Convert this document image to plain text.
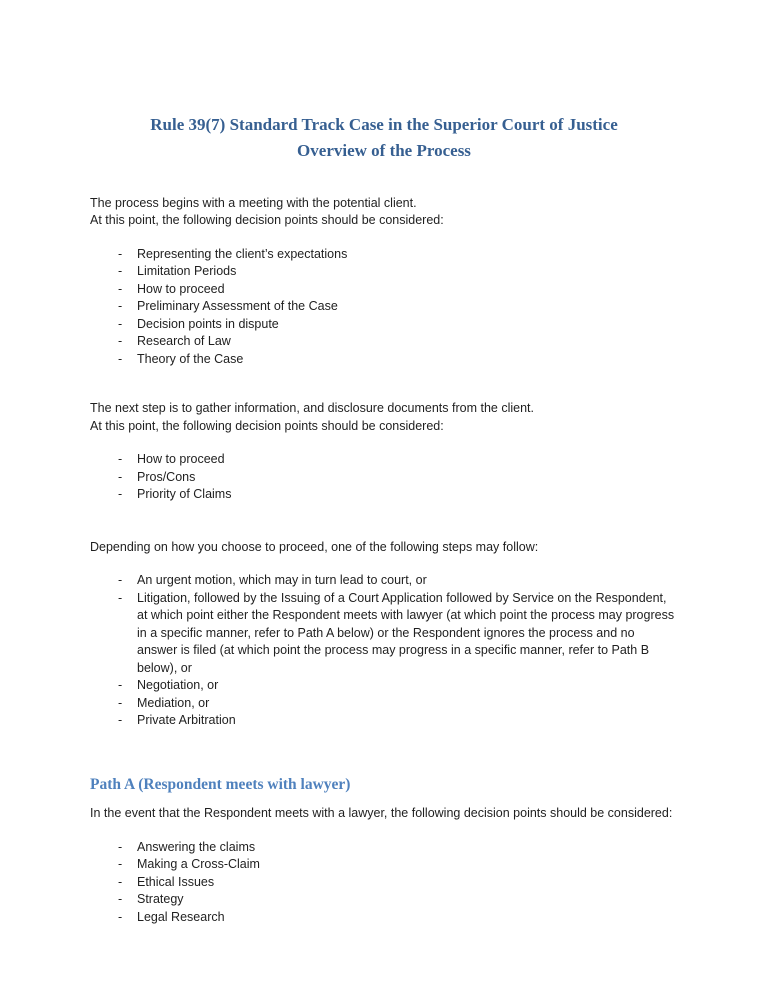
Rule 39(7) Standard Track Case in the Superior Court of Justice
Overview of the Process

The process begins with a meeting with the potential client.

At this point, the following decision points should be considered:

-	Representing the client’s expectations
-	Limitation Periods
-	How to proceed
-	Preliminary Assessment of the Case
-	Decision points in dispute
-	Research of Law
-	Theory of the Case

The next step is to gather information, and disclosure documents from the client.

At this point, the following decision points should be considered:

-	How to proceed
-	Pros/Cons
-	Priority of Claims

Depending on how you choose to proceed, one of the following steps may follow:

-	An urgent motion, which may in turn lead to court, or
-	Litigation, followed by the Issuing of a Court Application followed by Service on the Respondent, at which point either the Respondent meets with lawyer (at which point the process may progress in a specific manner, refer to Path A below) or the Respondent ignores the process and no answer is filed (at which point the process may progress in a specific manner, refer to Path B below), or
-	Negotiation, or
-	Mediation, or
-	Private Arbitration
Path A (Respondent meets with lawyer)

In the event that the Respondent meets with a lawyer, the following decision points should be considered:

-	Answering the claims
-	Making a Cross-Claim
-	Ethical Issues
-	Strategy
-	Legal Research
